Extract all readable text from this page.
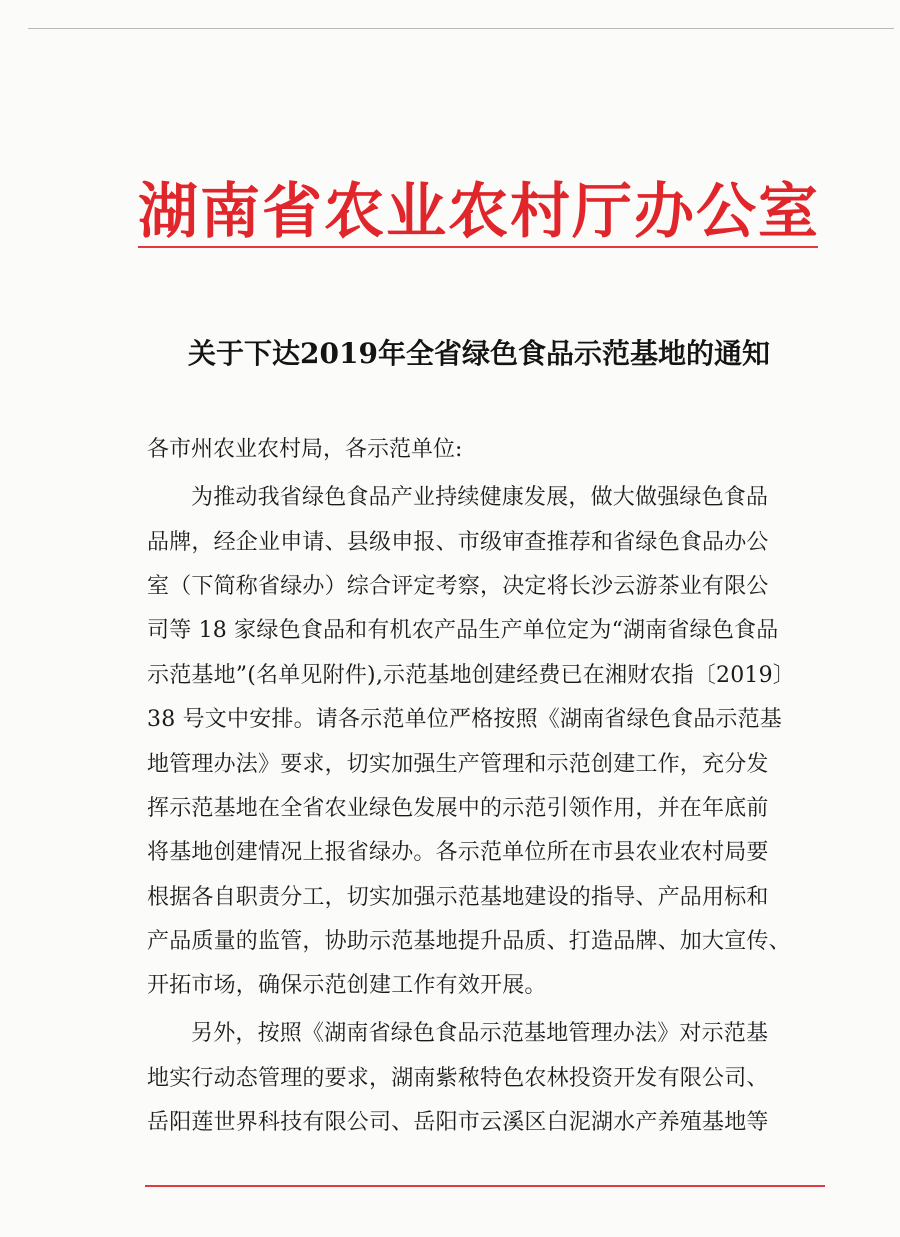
湖南省农业农村厅办公室
关于下达2019年全省绿色食品示范基地的通知

各市州农业农村局，各示范单位:

为推动我省绿色食品产业持续健康发展，做大做强绿色食品

品牌，经企业申请、县级申报、市级审查推荐和省绿色食品办公

室（下简称省绿办）综合评定考察，决定将长沙云游茶业有限公

司等 18 家绿色食品和有机农产品生产单位定为“湖南省绿色食品

示范基地”(名单见附件),示范基地创建经费已在湘财农指〔2019〕

38 号文中安排。请各示范单位严格按照《湖南省绿色食品示范基

地管理办法》要求，切实加强生产管理和示范创建工作，充分发

挥示范基地在全省农业绿色发展中的示范引领作用，并在年底前

将基地创建情况上报省绿办。各示范单位所在市县农业农村局要

根据各自职责分工，切实加强示范基地建设的指导、产品用标和

产品质量的监管，协助示范基地提升品质、打造品牌、加大宣传、

开拓市场，确保示范创建工作有效开展。

另外，按照《湖南省绿色食品示范基地管理办法》对示范基

地实行动态管理的要求，湖南紫秾特色农林投资开发有限公司、

岳阳莲世界科技有限公司、岳阳市云溪区白泥湖水产养殖基地等
